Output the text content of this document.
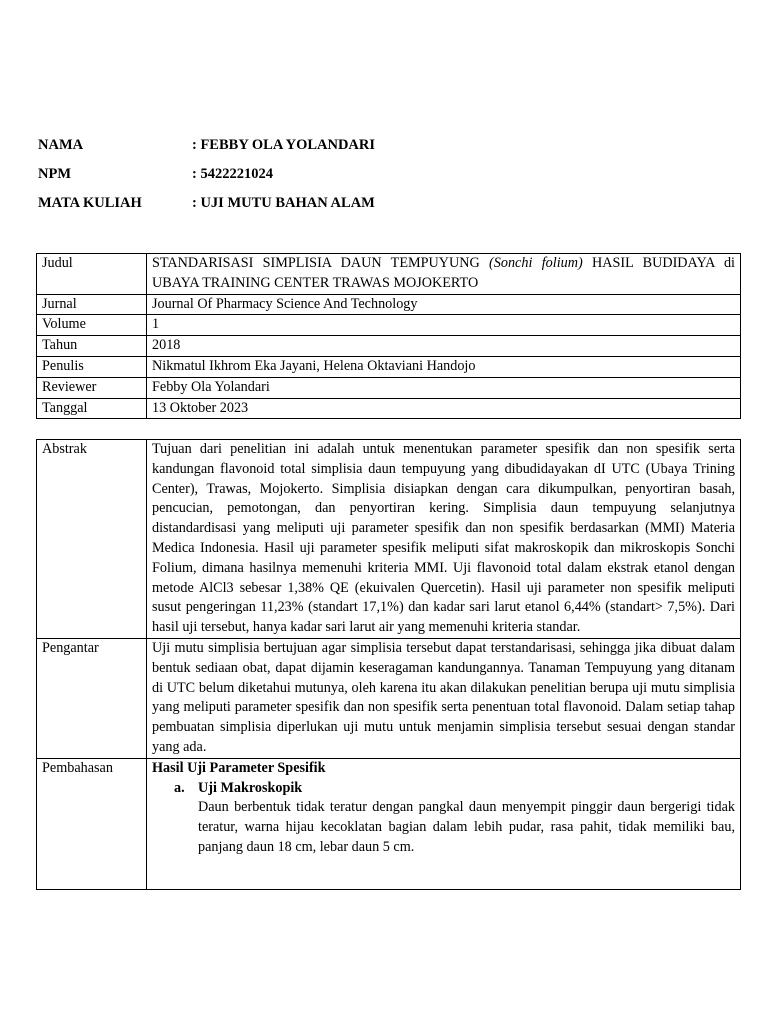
NAMA	: FEBBY OLA YOLANDARI
NPM	: 5422221024
MATA KULIAH	: UJI MUTU BAHAN ALAM
Judul	STANDARISASI SIMPLISIA DAUN TEMPUYUNG (Sonchi folium) HASIL BUDIDAYA di UBAYA TRAINING CENTER TRAWAS MOJOKERTO
Jurnal	Journal Of Pharmacy Science And Technology
Volume	1
Tahun	2018
Penulis	Nikmatul Ikhrom Eka Jayani, Helena Oktaviani Handojo
Reviewer	Febby Ola Yolandari
Tanggal	13 Oktober 2023
Abstrak	Tujuan dari penelitian ini adalah untuk menentukan parameter spesifik dan non spesifik serta kandungan flavonoid total simplisia daun tempuyung yang dibudidayakan dI UTC (Ubaya Trining Center), Trawas, Mojokerto. Simplisia disiapkan dengan cara dikumpulkan, penyortiran basah, pencucian, pemotongan, dan penyortiran kering. Simplisia daun tempuyung selanjutnya distandardisasi yang meliputi uji parameter spesifik dan non spesifik berdasarkan (MMI) Materia Medica Indonesia. Hasil uji parameter spesifik meliputi sifat makroskopik dan mikroskopis Sonchi Folium, dimana hasilnya memenuhi kriteria MMI. Uji flavonoid total dalam ekstrak etanol dengan metode AlCl3 sebesar 1,38% QE (ekuivalen Quercetin). Hasil uji parameter non spesifik meliputi susut pengeringan 11,23% (standart 17,1%) dan kadar sari larut etanol 6,44% (standart> 7,5%). Dari hasil uji tersebut, hanya kadar sari larut air yang memenuhi kriteria standar.
Pengantar	Uji mutu simplisia bertujuan agar simplisia tersebut dapat terstandarisasi, sehingga jika dibuat dalam bentuk sediaan obat, dapat dijamin keseragaman kandungannya. Tanaman Tempuyung yang ditanam di UTC belum diketahui mutunya, oleh karena itu akan dilakukan penelitian berupa uji mutu simplisia yang meliputi parameter spesifik dan non spesifik serta penentuan total flavonoid. Dalam setiap tahap pembuatan simplisia diperlukan uji mutu untuk menjamin simplisia tersebut sesuai dengan standar yang ada.
Pembahasan	Hasil Uji Parameter Spesifik
a. Uji Makroskopik
Daun berbentuk tidak teratur dengan pangkal daun menyempit pinggir daun bergerigi tidak teratur, warna hijau kecoklatan bagian dalam lebih pudar, rasa pahit, tidak memiliki bau, panjang daun 18 cm, lebar daun 5 cm.
